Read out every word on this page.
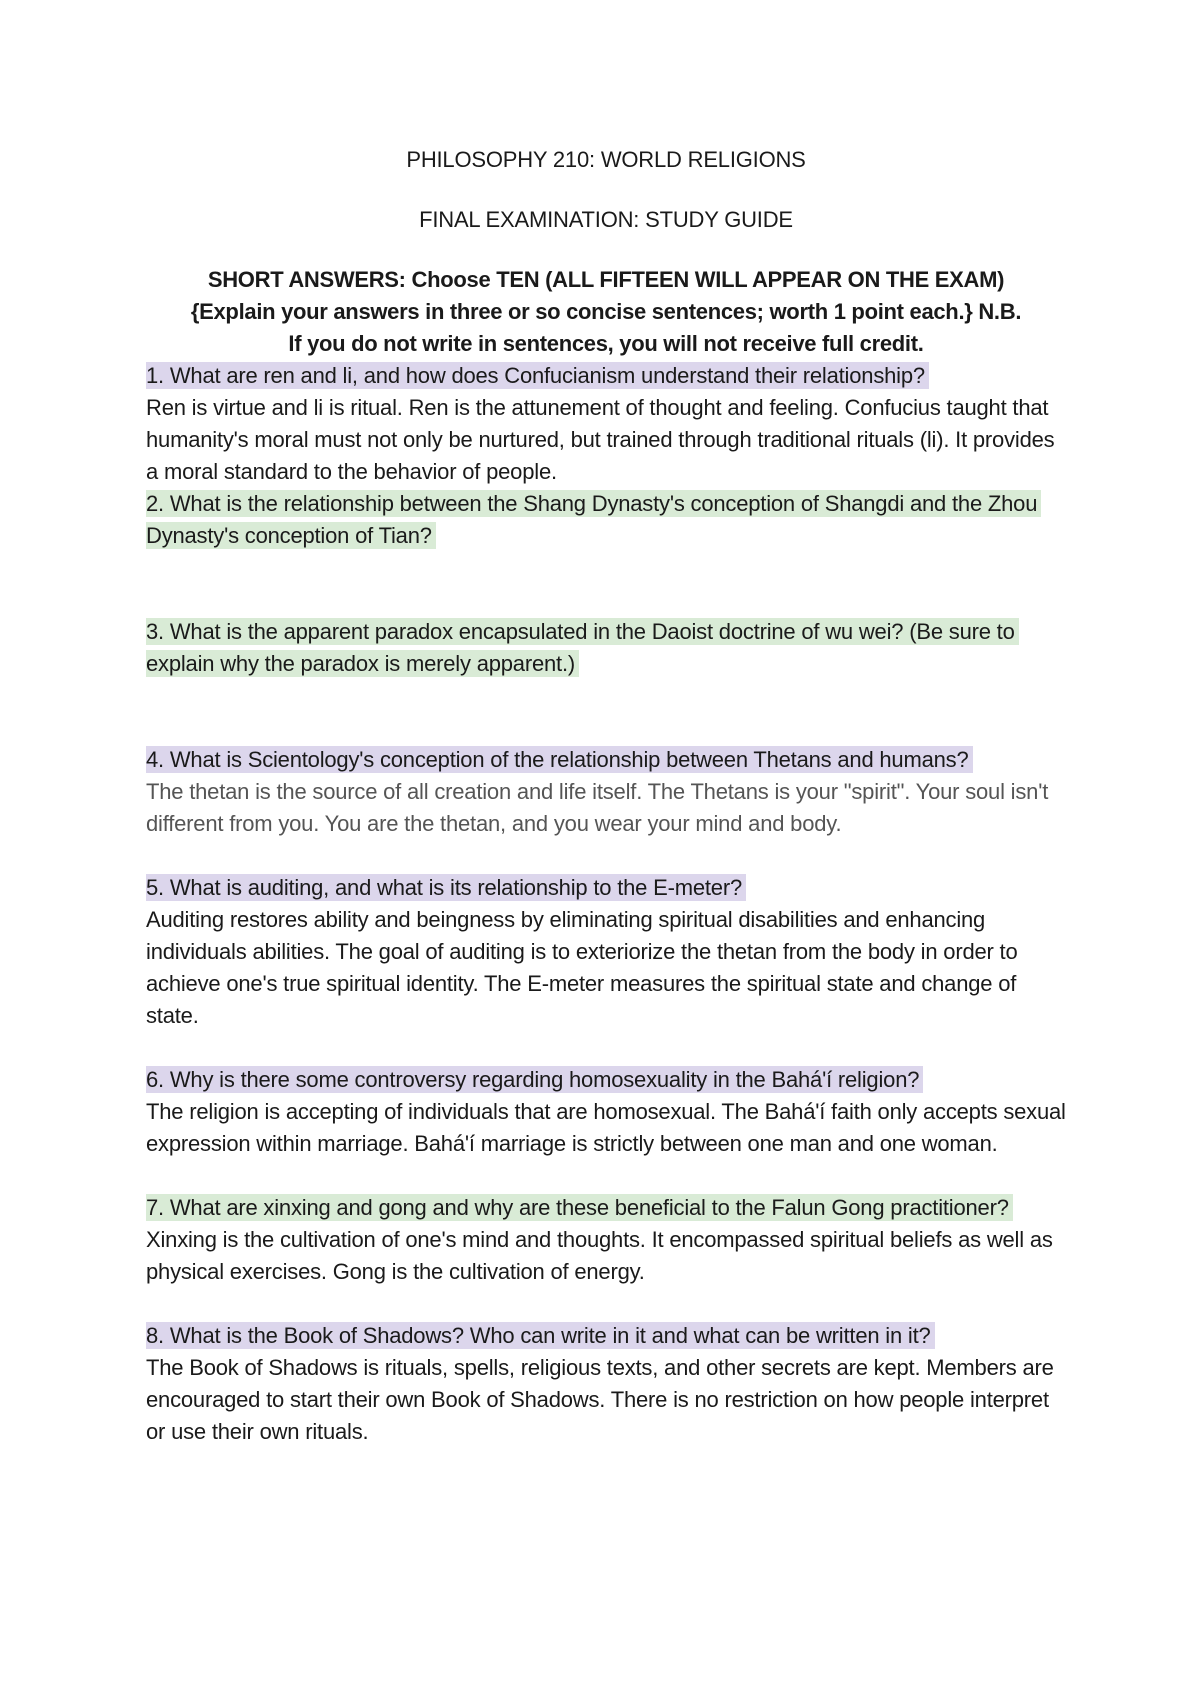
PHILOSOPHY 210: WORLD RELIGIONS

FINAL EXAMINATION: STUDY GUIDE

SHORT ANSWERS: Choose TEN (ALL FIFTEEN WILL APPEAR ON THE EXAM)
{Explain your answers in three or so concise sentences; worth 1 point each.} N.B.
If you do not write in sentences, you will not receive full credit.

1. What are ren and li, and how does Confucianism understand their relationship?

Ren is virtue and li is ritual. Ren is the attunement of thought and feeling. Confucius taught that humanity's moral must not only be nurtured, but trained through traditional rituals (li). It provides a moral standard to the behavior of people.

2. What is the relationship between the Shang Dynasty's conception of Shangdi and the Zhou Dynasty's conception of Tian?

3. What is the apparent paradox encapsulated in the Daoist doctrine of wu wei? (Be sure to explain why the paradox is merely apparent.)

4. What is Scientology's conception of the relationship between Thetans and humans?

The thetan is the source of all creation and life itself. The Thetans is your "spirit". Your soul isn't different from you. You are the thetan, and you wear your mind and body.

5. What is auditing, and what is its relationship to the E-meter?

Auditing restores ability and beingness by eliminating spiritual disabilities and enhancing individuals abilities. The goal of auditing is to exteriorize the thetan from the body in order to achieve one's true spiritual identity. The E-meter measures the spiritual state and change of state.

6. Why is there some controversy regarding homosexuality in the Bahá'í religion?

The religion is accepting of individuals that are homosexual. The Bahá'í faith only accepts sexual expression within marriage. Bahá'í marriage is strictly between one man and one woman.

7. What are xinxing and gong and why are these beneficial to the Falun Gong practitioner?

Xinxing is the cultivation of one's mind and thoughts. It encompassed spiritual beliefs as well as physical exercises. Gong is the cultivation of energy.

8. What is the Book of Shadows? Who can write in it and what can be written in it?

The Book of Shadows is rituals, spells, religious texts, and other secrets are kept. Members are encouraged to start their own Book of Shadows. There is no restriction on how people interpret or use their own rituals.
